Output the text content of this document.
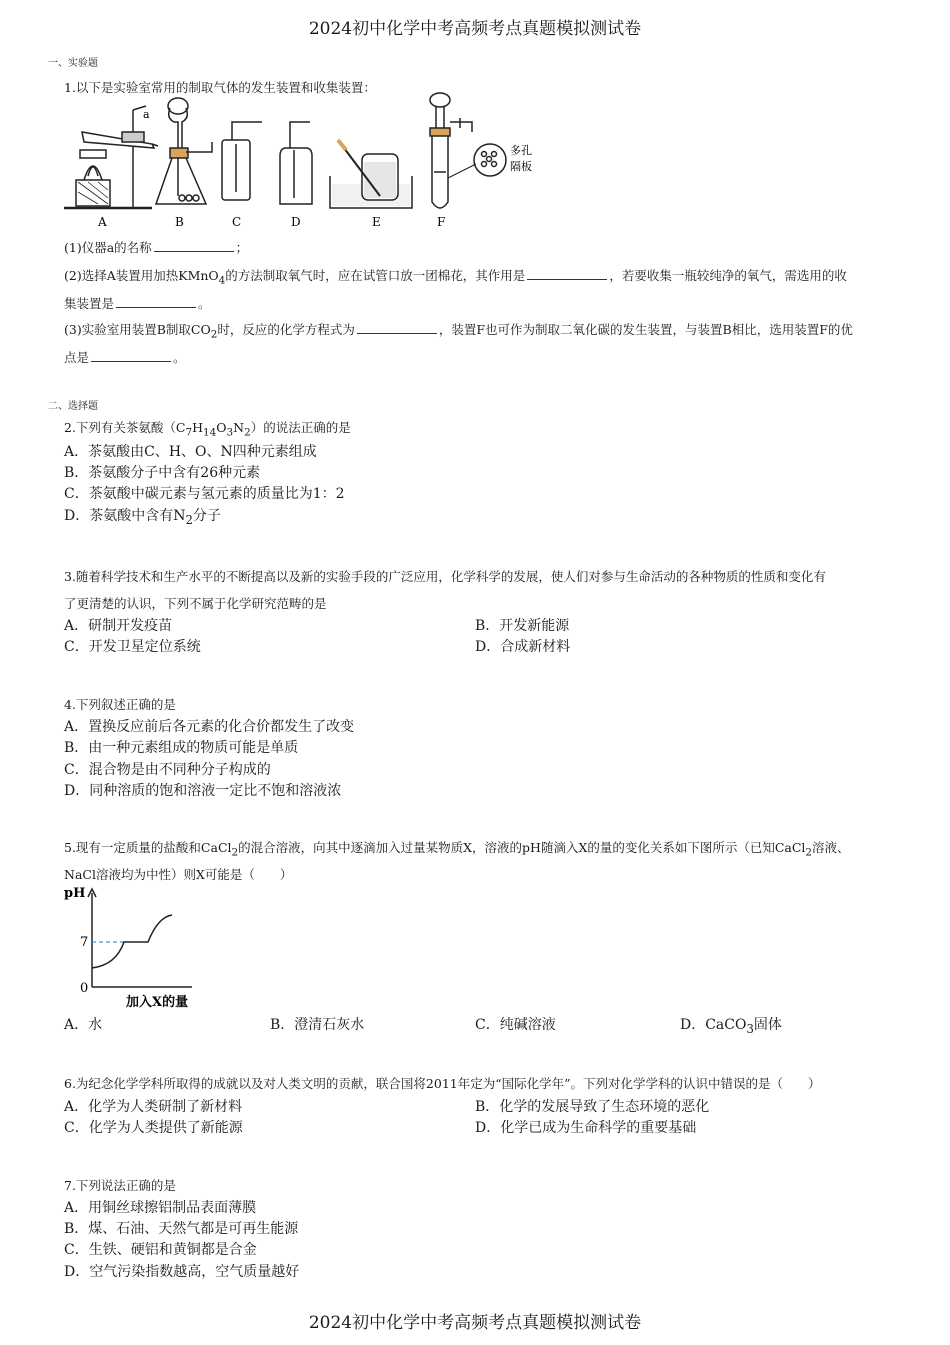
2024初中化学中考高频考点真题模拟测试卷
一、实验题
1.以下是实验室常用的制取气体的发生装置和收集装置：
a
A	B	C	D	E
多孔
隔板
F
(1)仪器a的名称	；
(2)选择A装置用加热KMnO$_4$的方法制取氧气时，应在试管口放一团棉花，其作用是	，若要收集一瓶较纯净的氧气，需选用的收
集装置是	。
(3)实验室用装置B制取$CO_2$时，反应的化学方程式为	，装置F也可作为制取二氧化碳的发生装置，与装置B相比，选用装置F的优
点是	。
二、选择题
2.下列有关茶氨酸$(C_7H_{14}O_3N_2)$的说法正确的是
A．茶氨酸由C、H、O、N四种元素组成
B．茶氨酸分子中含有26种元素
C．茶氨酸中碳元素与氢元素的质量比为1：2
D．茶氨酸中含有$N_2$分子
3.随着科学技术和生产水平的不断提高以及新的实验手段的广泛应用，化学科学的发展，使人们对参与生命活动的各种物质的性质和变化有
了更清楚的认识，下列不属于化学研究范畴的是
A．研制开发疫苗	B．开发新能源
C．开发卫星定位系统	D．合成新材料
4.下列叙述正确的是
A．置换反应前后各元素的化合价都发生了改变
B．由一种元素组成的物质可能是单质
C．混合物是由不同种分子构成的
D．同种溶质的饱和溶液一定比不饱和溶液浓
5.现有一定质量的盐酸和CaCl$_2$的混合溶液，向其中逐滴加入过量某物质X，溶液的pH随滴入X的量的变化关系如下图所示（已知CaCl$_2$溶液、
NaCl溶液均为中性）则X可能是（　　）
pH
7
0
加入X的量
A．水	B．澄清石灰水	C．纯碱溶液	D．CaCO$_3$固体
6.为纪念化学学科所取得的成就以及对人类文明的贡献，联合国将2011年定为“国际化学年”。下列对化学学科的认识中错误的是（　　）
A．化学为人类研制了新材料	B．化学的发展导致了生态环境的恶化
C．化学为人类提供了新能源	D．化学已成为生命科学的重要基础
7.下列说法正确的是
A．用铜丝球擦铝制品表面薄膜
B．煤、石油、天然气都是可再生能源
C．生铁、硬铝和黄铜都是合金
D．空气污染指数越高，空气质量越好
2024初中化学中考高频考点真题模拟测试卷
